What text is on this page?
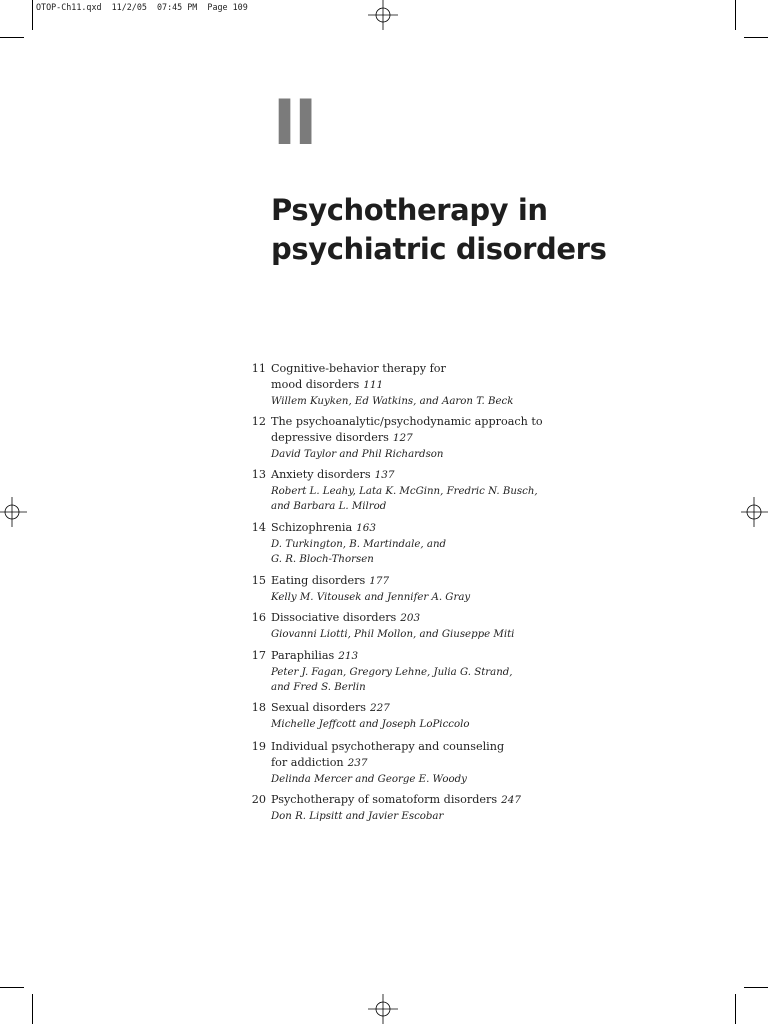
OTOP-Ch11.qxd  11/2/05  07:45 PM  Page 109
II
Psychotherapy in
psychiatric disorders
11 Cognitive-behavior therapy for
mood disorders 111
Willem Kuyken, Ed Watkins, and Aaron T. Beck
12 The psychoanalytic/psychodynamic approach to
depressive disorders 127
David Taylor and Phil Richardson
13 Anxiety disorders 137
Robert L. Leahy, Lata K. McGinn, Fredric N. Busch,
and Barbara L. Milrod
14 Schizophrenia 163
D. Turkington, B. Martindale, and
G. R. Bloch-Thorsen
15 Eating disorders 177
Kelly M. Vitousek and Jennifer A. Gray
16 Dissociative disorders 203
Giovanni Liotti, Phil Mollon, and Giuseppe Miti
17 Paraphilias 213
Peter J. Fagan, Gregory Lehne, Julia G. Strand,
and Fred S. Berlin
18 Sexual disorders 227
Michelle Jeffcott and Joseph LoPiccolo
19 Individual psychotherapy and counseling
for addiction 237
Delinda Mercer and George E. Woody
20 Psychotherapy of somatoform disorders 247
Don R. Lipsitt and Javier Escobar
